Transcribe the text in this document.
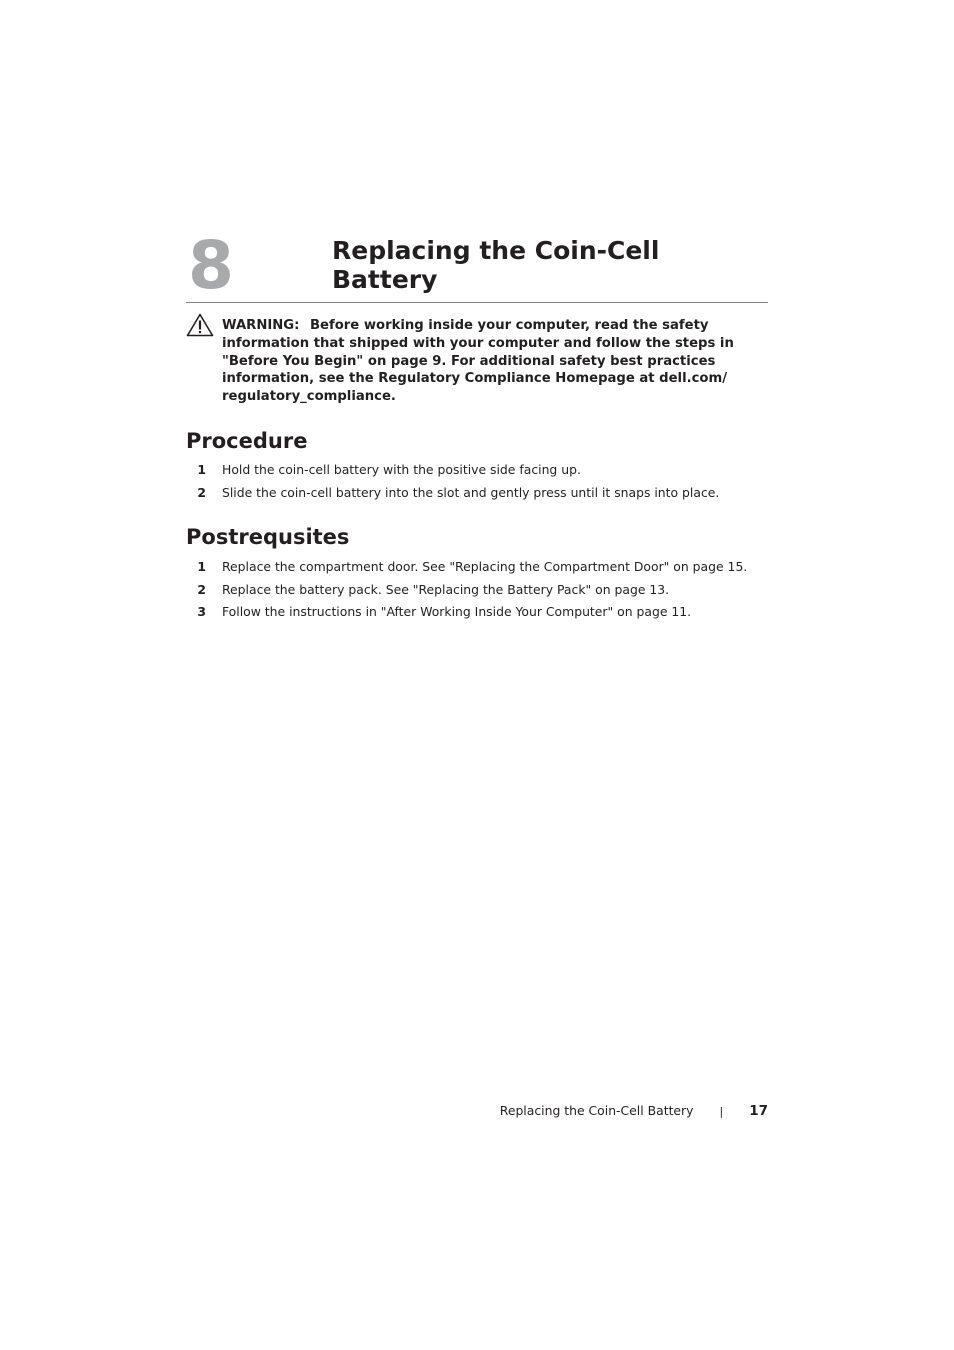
8	Replacing the Coin-Cell Battery

WARNING: Before working inside your computer, read the safety information that shipped with your computer and follow the steps in "Before You Begin" on page 9. For additional safety best practices information, see the Regulatory Compliance Homepage at dell.com/ regulatory_compliance.

Procedure
1 Hold the coin-cell battery with the positive side facing up.
2 Slide the coin-cell battery into the slot and gently press until it snaps into place.
Postrequsites
1 Replace the compartment door. See "Replacing the Compartment Door" on page 15.
2 Replace the battery pack. See "Replacing the Battery Pack" on page 13.
3 Follow the instructions in "After Working Inside Your Computer" on page 11.
Replacing the Coin-Cell Battery | 17
